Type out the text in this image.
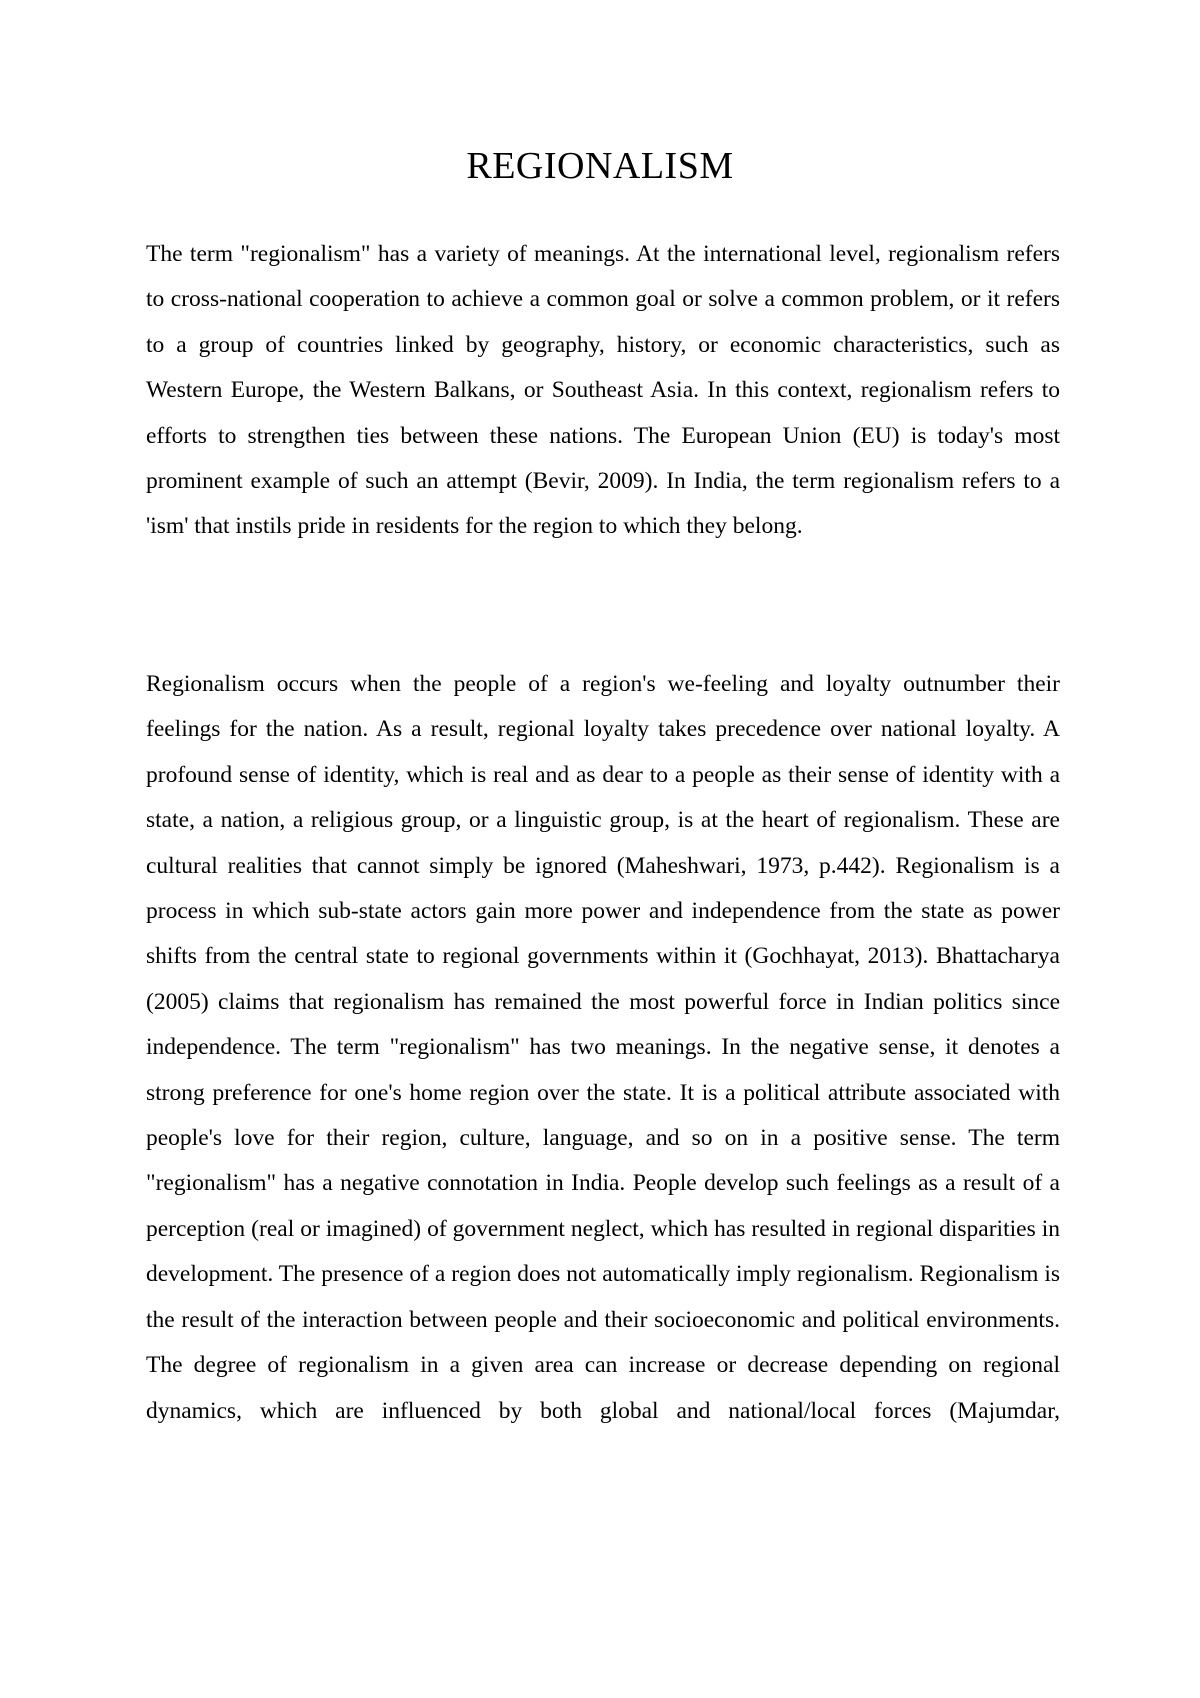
REGIONALISM

The term "regionalism" has a variety of meanings. At the international level, regionalism refers to cross-national cooperation to achieve a common goal or solve a common problem, or it refers to a group of countries linked by geography, history, or economic characteristics, such as Western Europe, the Western Balkans, or Southeast Asia. In this context, regionalism refers to efforts to strengthen ties between these nations. The European Union (EU) is today's most prominent example of such an attempt (Bevir, 2009). In India, the term regionalism refers to a 'ism' that instils pride in residents for the region to which they belong.

Regionalism occurs when the people of a region's we-feeling and loyalty outnumber their feelings for the nation. As a result, regional loyalty takes precedence over national loyalty. A profound sense of identity, which is real and as dear to a people as their sense of identity with a state, a nation, a religious group, or a linguistic group, is at the heart of regionalism. These are cultural realities that cannot simply be ignored (Maheshwari, 1973, p.442). Regionalism is a process in which sub-state actors gain more power and independence from the state as power shifts from the central state to regional governments within it (Gochhayat, 2013). Bhattacharya (2005) claims that regionalism has remained the most powerful force in Indian politics since independence. The term "regionalism" has two meanings. In the negative sense, it denotes a strong preference for one's home region over the state. It is a political attribute associated with people's love for their region, culture, language, and so on in a positive sense. The term "regionalism" has a negative connotation in India. People develop such feelings as a result of a perception (real or imagined) of government neglect, which has resulted in regional disparities in development. The presence of a region does not automatically imply regionalism. Regionalism is the result of the interaction between people and their socioeconomic and political environments. The degree of regionalism in a given area can increase or decrease depending on regional dynamics, which are influenced by both global and national/local forces (Majumdar,
